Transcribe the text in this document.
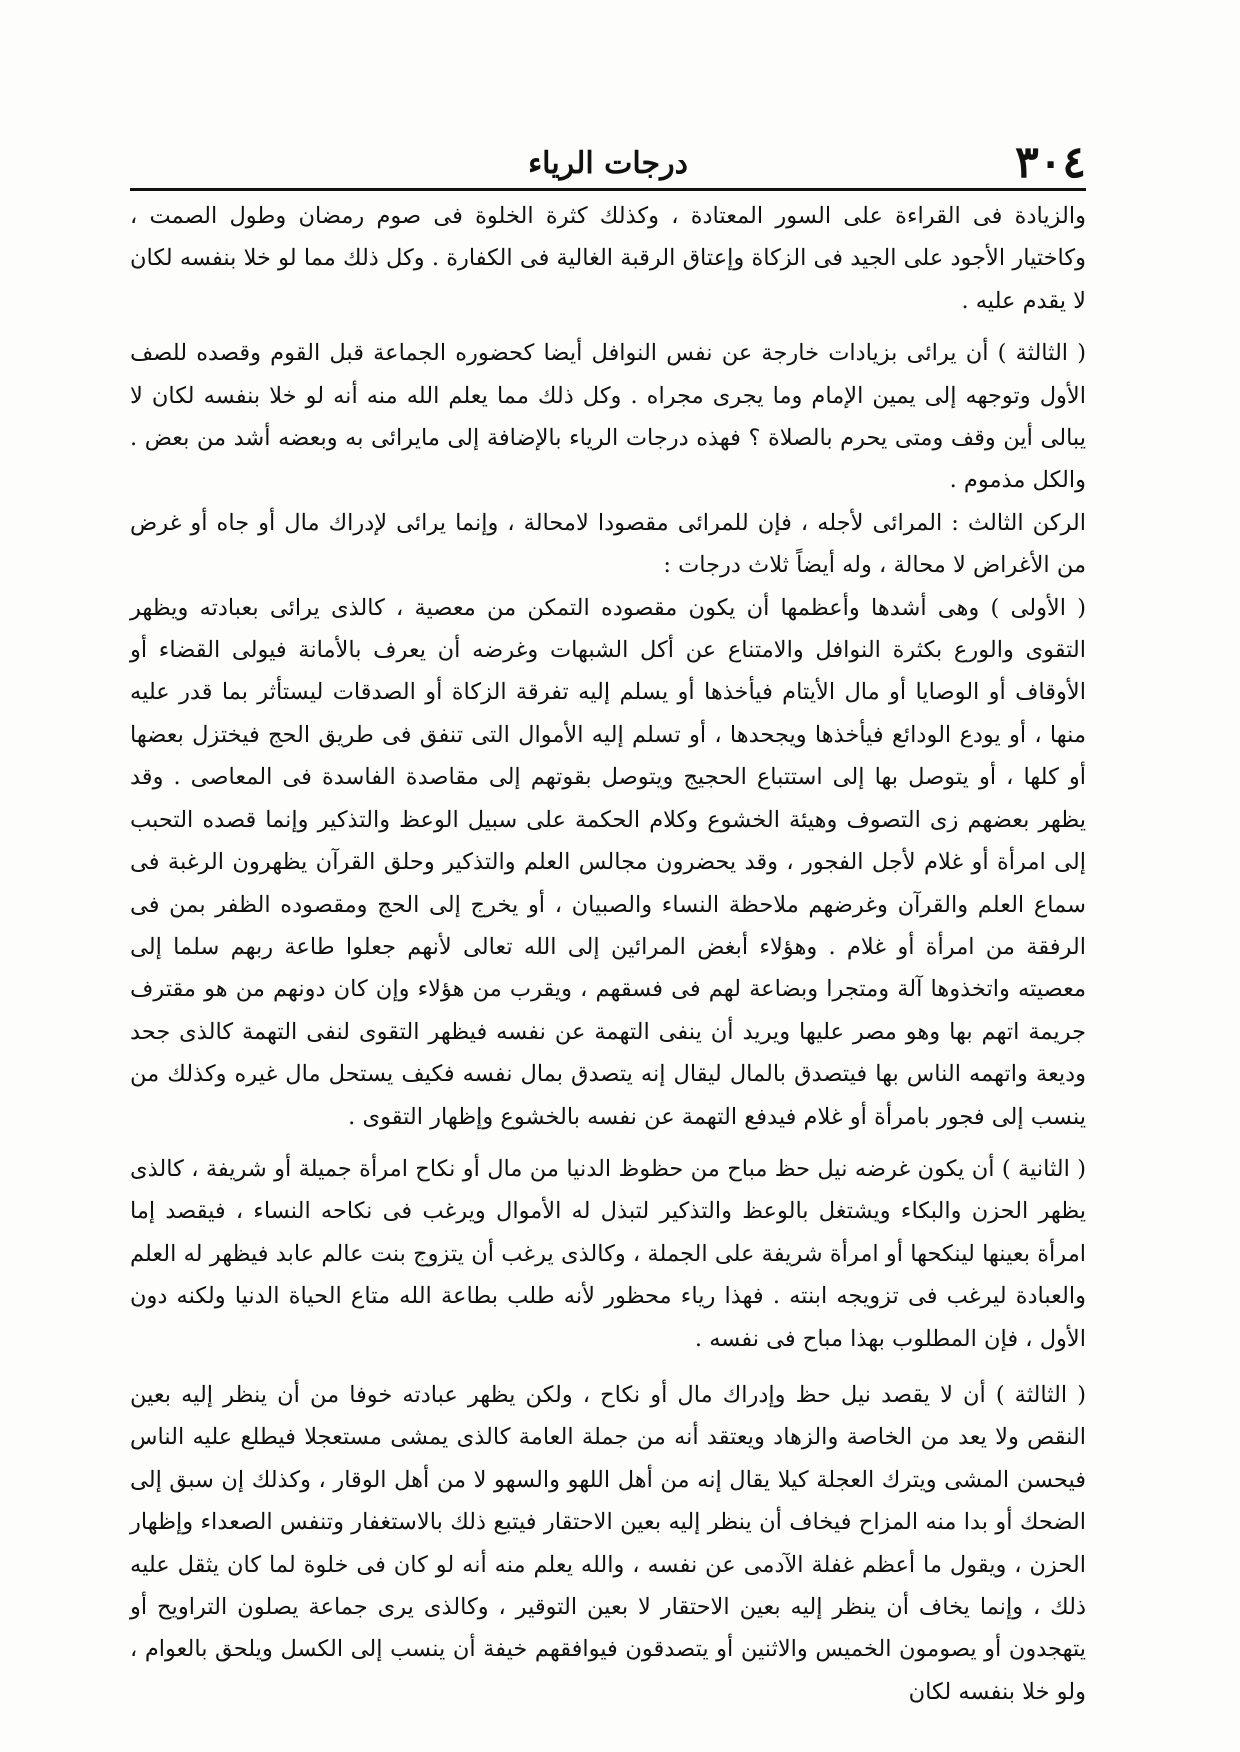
٣٠٤
درجات الرياء

والزيادة فى القراءة على السور المعتادة ، وكذلك كثرة الخلوة فى صوم رمضان وطول الصمت ، وكاختيار الأجود على الجيد فى الزكاة وإعتاق الرقبة الغالية فى الكفارة . وكل ذلك مما لو خلا بنفسه لكان لا يقدم عليه .

( الثالثة ) أن يرائى بزيادات خارجة عن نفس النوافل أيضا كحضوره الجماعة قبل القوم وقصده للصف الأول وتوجهه إلى يمين الإمام وما يجرى مجراه . وكل ذلك مما يعلم الله منه أنه لو خلا بنفسه لكان لا يبالى أين وقف ومتى يحرم بالصلاة ؟ فهذه درجات الرياء بالإضافة إلى مايرائى به وبعضه أشد من بعض . والكل مذموم .

الركن الثالث : المرائى لأجله ، فإن للمرائى مقصودا لامحالة ، وإنما يرائى لإدراك مال أو جاه أو غرض من الأغراض لا محالة ، وله أيضاً ثلاث درجات :

( الأولى ) وهى أشدها وأعظمها أن يكون مقصوده التمكن من معصية ، كالذى يرائى بعبادته ويظهر التقوى والورع بكثرة النوافل والامتناع عن أكل الشبهات وغرضه أن يعرف بالأمانة فيولى القضاء أو الأوقاف أو الوصايا أو مال الأيتام فيأخذها أو يسلم إليه تفرقة الزكاة أو الصدقات ليستأثر بما قدر عليه منها ، أو يودع الودائع فيأخذها ويجحدها ، أو تسلم إليه الأموال التى تنفق فى طريق الحج فيختزل بعضها أو كلها ، أو يتوصل بها إلى استتباع الحجيج ويتوصل بقوتهم إلى مقاصدة الفاسدة فى المعاصى . وقد يظهر بعضهم زى التصوف وهيئة الخشوع وكلام الحكمة على سبيل الوعظ والتذكير وإنما قصده التحبب إلى امرأة أو غلام لأجل الفجور ، وقد يحضرون مجالس العلم والتذكير وحلق القرآن يظهرون الرغبة فى سماع العلم والقرآن وغرضهم ملاحظة النساء والصبيان ، أو يخرج إلى الحج ومقصوده الظفر بمن فى الرفقة من امرأة أو غلام . وهؤلاء أبغض المرائين إلى الله تعالى لأنهم جعلوا طاعة ربهم سلما إلى معصيته واتخذوها آلة ومتجرا وبضاعة لهم فى فسقهم ، ويقرب من هؤلاء وإن كان دونهم من هو مقترف جريمة اتهم بها وهو مصر عليها ويريد أن ينفى التهمة عن نفسه فيظهر التقوى لنفى التهمة كالذى جحد وديعة واتهمه الناس بها فيتصدق بالمال ليقال إنه يتصدق بمال نفسه فكيف يستحل مال غيره وكذلك من ينسب إلى فجور بامرأة أو غلام فيدفع التهمة عن نفسه بالخشوع وإظهار التقوى .

( الثانية ) أن يكون غرضه نيل حظ مباح من حظوظ الدنيا من مال أو نكاح امرأة جميلة أو شريفة ، كالذى يظهر الحزن والبكاء ويشتغل بالوعظ والتذكير لتبذل له الأموال ويرغب فى نكاحه النساء ، فيقصد إما امرأة بعينها لينكحها أو امرأة شريفة على الجملة ، وكالذى يرغب أن يتزوج بنت عالم عابد فيظهر له العلم والعبادة ليرغب فى تزويجه ابنته . فهذا رياء محظور لأنه طلب بطاعة الله متاع الحياة الدنيا ولكنه دون الأول ، فإن المطلوب بهذا مباح فى نفسه .

( الثالثة ) أن لا يقصد نيل حظ وإدراك مال أو نكاح ، ولكن يظهر عبادته خوفا من أن ينظر إليه بعين النقص ولا يعد من الخاصة والزهاد ويعتقد أنه من جملة العامة كالذى يمشى مستعجلا فيطلع عليه الناس فيحسن المشى ويترك العجلة كيلا يقال إنه من أهل اللهو والسهو لا من أهل الوقار ، وكذلك إن سبق إلى الضحك أو بدا منه المزاح فيخاف أن ينظر إليه بعين الاحتقار فيتبع ذلك بالاستغفار وتنفس الصعداء وإظهار الحزن ، ويقول ما أعظم غفلة الآدمى عن نفسه ، والله يعلم منه أنه لو كان فى خلوة لما كان يثقل عليه ذلك ، وإنما يخاف أن ينظر إليه بعين الاحتقار لا بعين التوقير ، وكالذى يرى جماعة يصلون التراويح أو يتهجدون أو يصومون الخميس والاثنين أو يتصدقون فيوافقهم خيفة أن ينسب إلى الكسل ويلحق بالعوام ، ولو خلا بنفسه لكان
